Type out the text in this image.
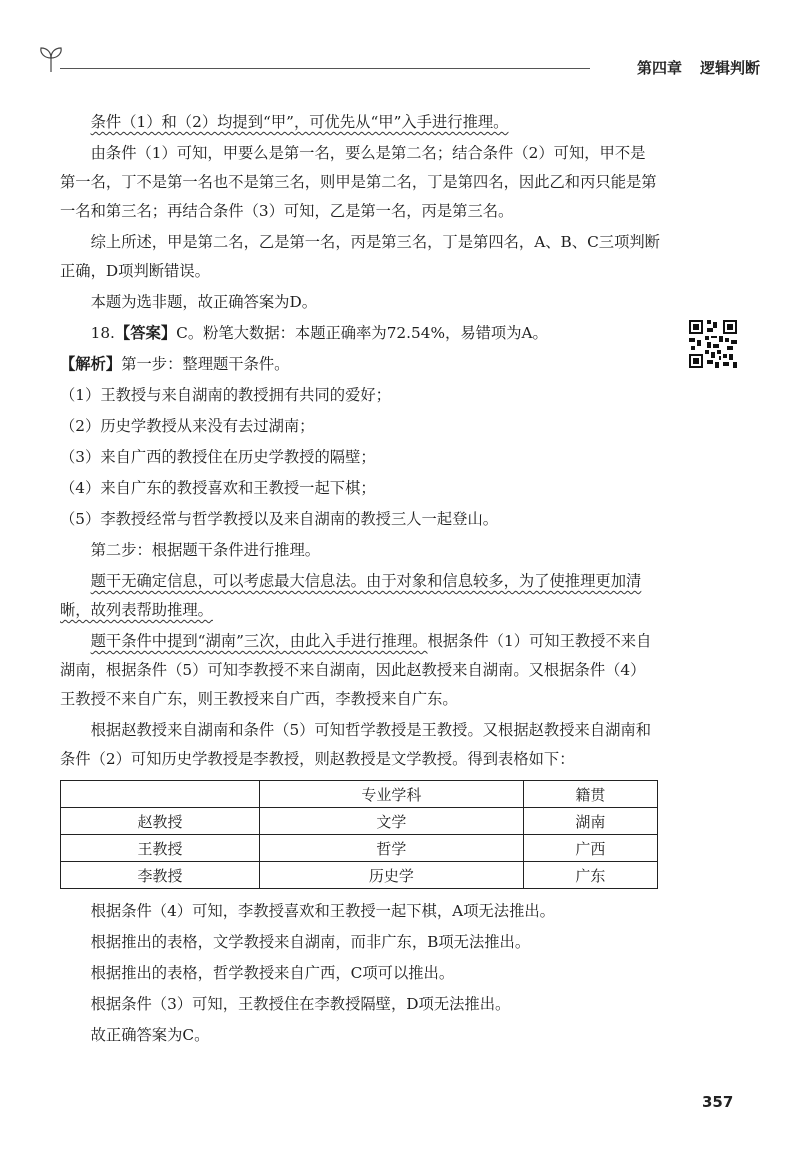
第四章 逻辑判断

条件（1）和（2）均提到“甲”，可优先从“甲”入手进行推理。

由条件（1）可知，甲要么是第一名，要么是第二名；结合条件（2）可知，甲不是第一名，丁不是第一名也不是第三名，则甲是第二名，丁是第四名，因此乙和丙只能是第一名和第三名；再结合条件（3）可知，乙是第一名，丙是第三名。

综上所述，甲是第二名，乙是第一名，丙是第三名，丁是第四名，A、B、C三项判断正确，D项判断错误。

本题为选非题，故正确答案为D。

18.【答案】C。粉笔大数据：本题正确率为72.54%，易错项为A。

【解析】第一步：整理题干条件。

（1）王教授与来自湖南的教授拥有共同的爱好；

（2）历史学教授从来没有去过湖南；

（3）来自广西的教授住在历史学教授的隔壁；

（4）来自广东的教授喜欢和王教授一起下棋；

（5）李教授经常与哲学教授以及来自湖南的教授三人一起登山。

第二步：根据题干条件进行推理。

题干无确定信息，可以考虑最大信息法。由于对象和信息较多，为了使推理更加清晰，故列表帮助推理。

题干条件中提到“湖南”三次，由此入手进行推理。根据条件（1）可知王教授不来自湖南，根据条件（5）可知李教授不来自湖南，因此赵教授来自湖南。又根据条件（4）王教授不来自广东，则王教授来自广西，李教授来自广东。

根据赵教授来自湖南和条件（5）可知哲学教授是王教授。又根据赵教授来自湖南和条件（2）可知历史学教授是李教授，则赵教授是文学教授。得到表格如下：

	专业学科	籍贯
赵教授	文学	湖南
王教授	哲学	广西
李教授	历史学	广东

根据条件（4）可知，李教授喜欢和王教授一起下棋，A项无法推出。

根据推出的表格，文学教授来自湖南，而非广东，B项无法推出。

根据推出的表格，哲学教授来自广西，C项可以推出。

根据条件（3）可知，王教授住在李教授隔壁，D项无法推出。

故正确答案为C。

357
